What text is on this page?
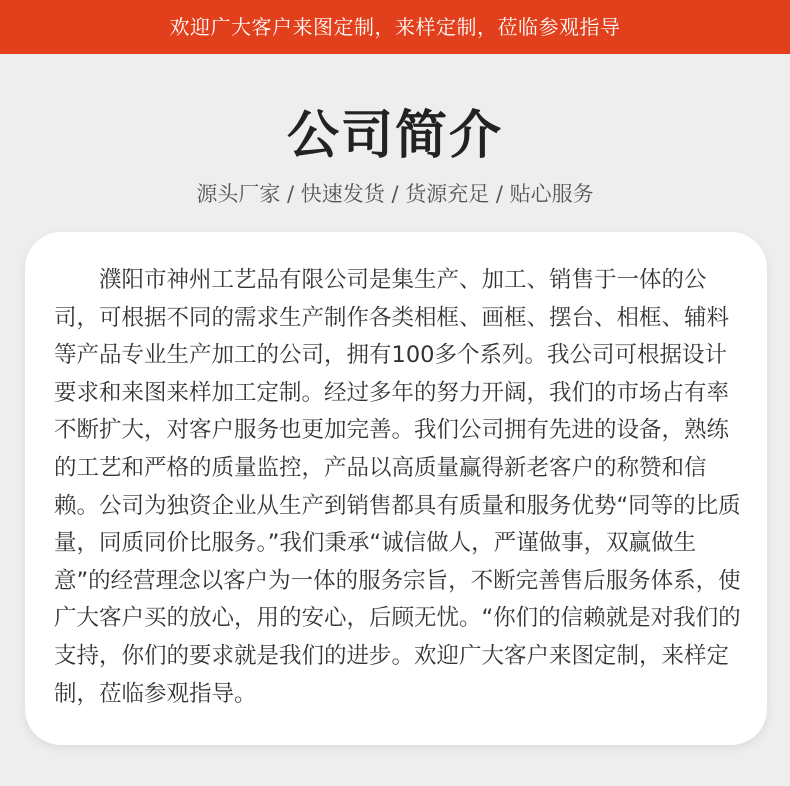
欢迎广大客户来图定制，来样定制，莅临参观指导
公司简介
源头厂家 / 快速发货 / 货源充足 / 贴心服务

濮阳市神州工艺品有限公司是集生产、加工、销售于一体的公司，可根据不同的需求生产制作各类相框、画框、摆台、相框、辅料等产品专业生产加工的公司，拥有100多个系列。我公司可根据设计要求和来图来样加工定制。经过多年的努力开阔，我们的市场占有率不断扩大，对客户服务也更加完善。我们公司拥有先进的设备，熟练的工艺和严格的质量监控，产品以高质量赢得新老客户的称赞和信赖。公司为独资企业从生产到销售都具有质量和服务优势“同等的比质量，同质同价比服务。”我们秉承“诚信做人，严谨做事，双赢做生意”的经营理念以客户为一体的服务宗旨，不断完善售后服务体系，使广大客户买的放心，用的安心，后顾无忧。“你们的信赖就是对我们的支持，你们的要求就是我们的进步。欢迎广大客户来图定制，来样定制，莅临参观指导。
